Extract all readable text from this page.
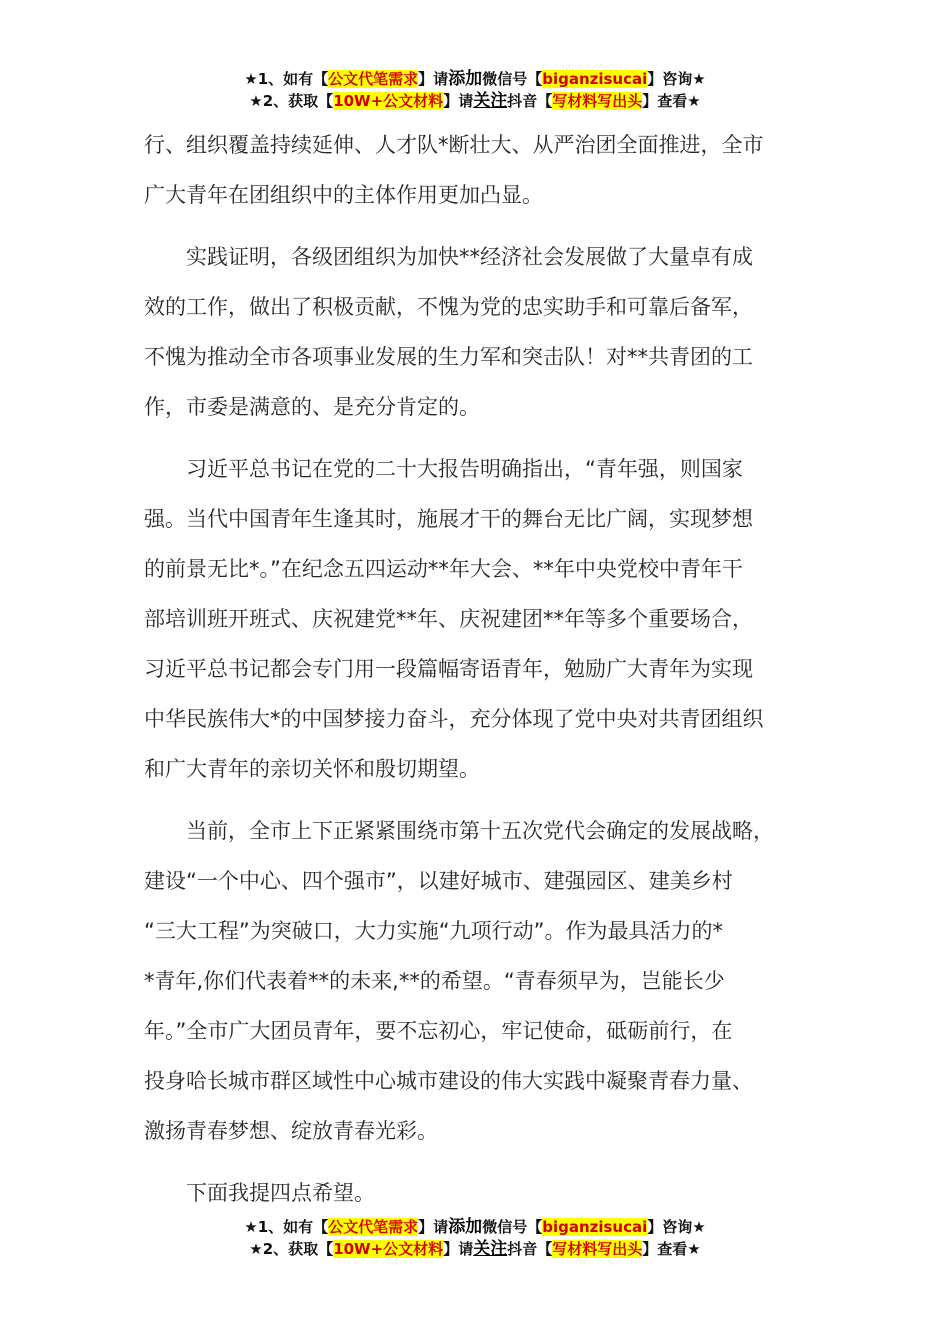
★1、如有【公文代笔需求】请添加微信号【biganzisucai】咨询★
★2、获取【10W+公文材料】请关注抖音【写材料写出头】查看★
行、组织覆盖持续延伸、人才队*断壮大、从严治团全面推进，全市
广大青年在团组织中的主体作用更加凸显。
实践证明，各级团组织为加快**经济社会发展做了大量卓有成
效的工作，做出了积极贡献，不愧为党的忠实助手和可靠后备军，
不愧为推动全市各项事业发展的生力军和突击队！对**共青团的工
作，市委是满意的、是充分肯定的。
习近平总书记在党的二十大报告明确指出，“青年强，则国家
强。当代中国青年生逢其时，施展才干的舞台无比广阔，实现梦想
的前景无比*。”在纪念五四运动**年大会、**年中央党校中青年干
部培训班开班式、庆祝建党**年、庆祝建团**年等多个重要场合，
习近平总书记都会专门用一段篇幅寄语青年，勉励广大青年为实现
中华民族伟大*的中国梦接力奋斗，充分体现了党中央对共青团组织
和广大青年的亲切关怀和殷切期望。
当前，全市上下正紧紧围绕市第十五次党代会确定的发展战略，
建设“一个中心、四个强市”，以建好城市、建强园区、建美乡村
“三大工程”为突破口，大力实施“九项行动”。作为最具活力的*
*青年,你们代表着**的未来,**的希望。“青春须早为，岂能长少
年。”全市广大团员青年，要不忘初心，牢记使命，砥砺前行，在
投身哈长城市群区域性中心城市建设的伟大实践中凝聚青春力量、
激扬青春梦想、绽放青春光彩。
下面我提四点希望。
★1、如有【公文代笔需求】请添加微信号【biganzisucai】咨询★
★2、获取【10W+公文材料】请关注抖音【写材料写出头】查看★
